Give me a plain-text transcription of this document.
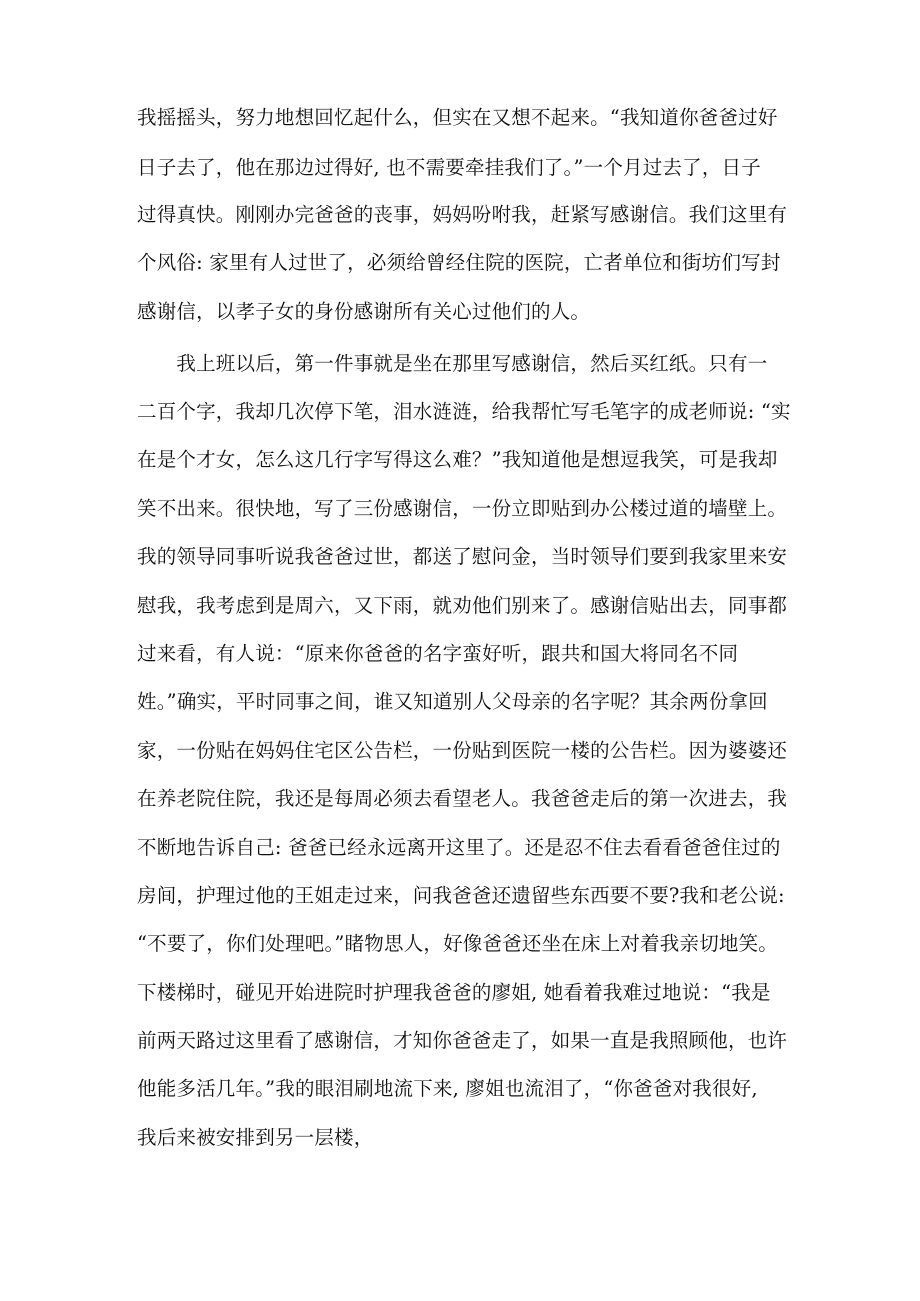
我摇摇头，努力地想回忆起什么，但实在又想不起来。“我知道你爸爸过好
日子去了，他在那边过得好, 也不需要牵挂我们了。”一个月过去了，日子
过得真快。刚刚办完爸爸的丧事，妈妈吩咐我，赶紧写感谢信。我们这里有
个风俗: 家里有人过世了，必须给曾经住院的医院，亡者单位和街坊们写封
感谢信，以孝子女的身份感谢所有关心过他们的人。
　　我上班以后，第一件事就是坐在那里写感谢信，然后买红纸。只有一
二百个字，我却几次停下笔，泪水涟涟，给我帮忙写毛笔字的成老师说: “实
在是个才女，怎么这几行字写得这么难？”我知道他是想逗我笑，可是我却
笑不出来。很快地，写了三份感谢信，一份立即贴到办公楼过道的墙壁上。
我的领导同事听说我爸爸过世，都送了慰问金，当时领导们要到我家里来安
慰我，我考虑到是周六，又下雨，就劝他们别来了。感谢信贴出去，同事都
过来看，有人说：“原来你爸爸的名字蛮好听，跟共和国大将同名不同
姓。”确实，平时同事之间，谁又知道别人父母亲的名字呢？其余两份拿回
家，一份贴在妈妈住宅区公告栏，一份贴到医院一楼的公告栏。因为婆婆还
在养老院住院，我还是每周必须去看望老人。我爸爸走后的第一次进去，我
不断地告诉自己: 爸爸已经永远离开这里了。还是忍不住去看看爸爸住过的
房间，护理过他的王姐走过来，问我爸爸还遗留些东西要不要?我和老公说:
“不要了，你们处理吧。”睹物思人，好像爸爸还坐在床上对着我亲切地笑。
下楼梯时，碰见开始进院时护理我爸爸的廖姐, 她看着我难过地说：“我是
前两天路过这里看了感谢信，才知你爸爸走了，如果一直是我照顾他，也许
他能多活几年。”我的眼泪刷地流下来, 廖姐也流泪了，“你爸爸对我很好,
我后来被安排到另一层楼，
